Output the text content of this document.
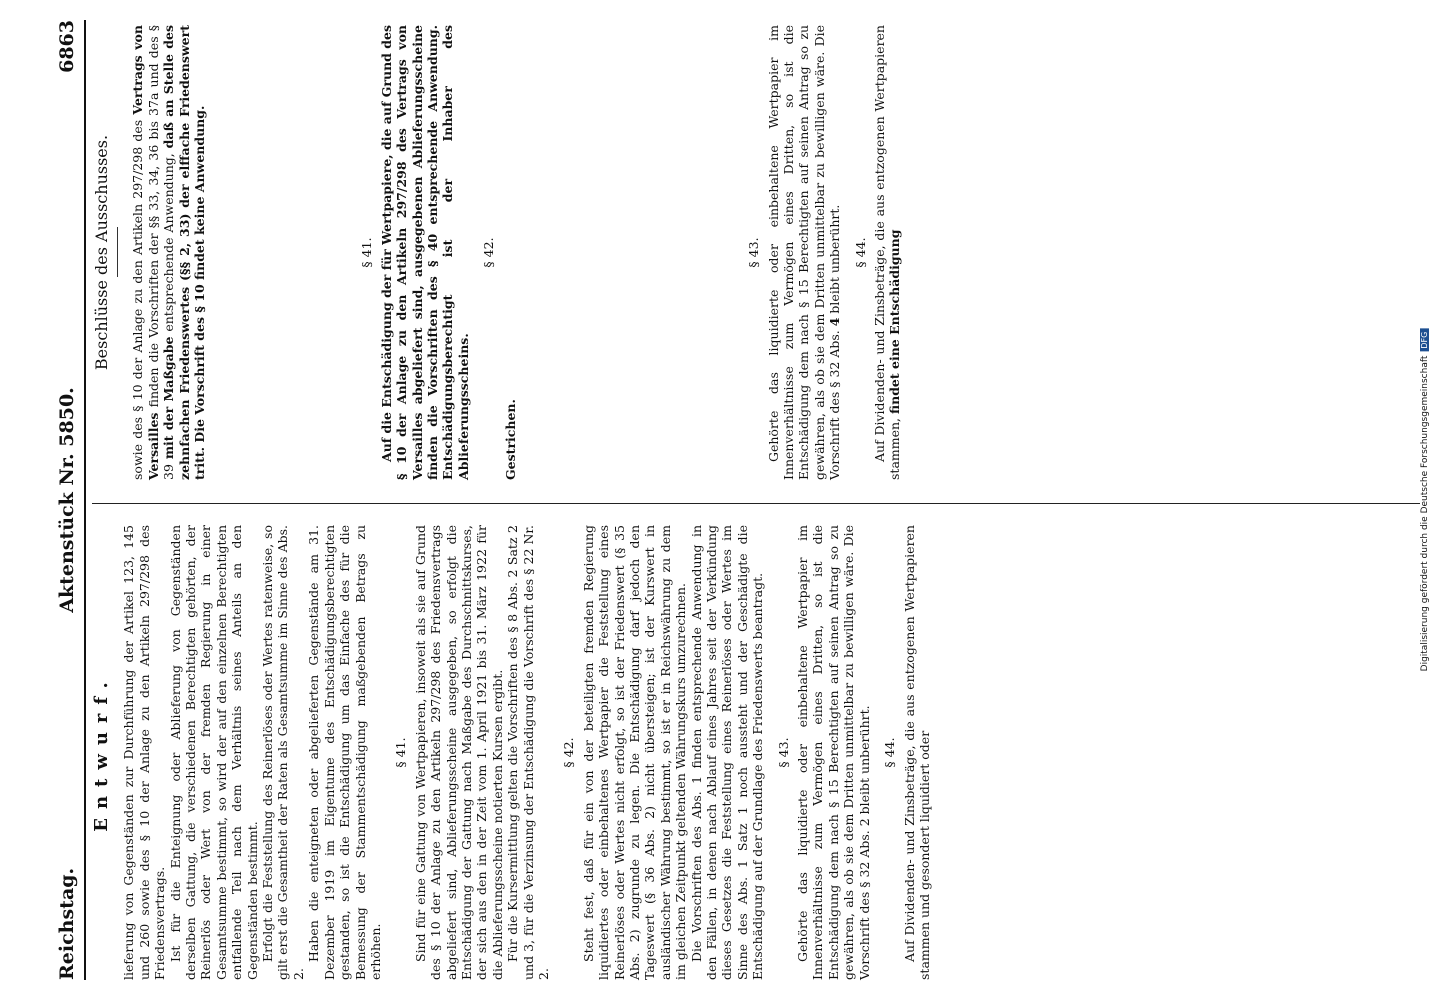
Reichstag.
Aktenstück Nr. 5850.
6863
Entwurf. lieferung von Gegenständen zur Durchführung der Artikel 123, 145 und 260 sowie des § 10 der Anlage zu den Artikeln 297/298 des Friedensvertrags. Ist für die Enteignung oder Ablieferung von Gegenständen derselben Gattung, die verschiedenen Berechtigten gehörten, der Reinerlös oder Wert von der fremden Regierung in einer Gesamtsumme bestimmt, so wird der auf den einzelnen Berechtigten entfallende Teil nach dem Verhältnis seines Anteils an den Gegenständen bestimmt. Erfolgt die Feststellung des Reinerlöses oder Wertes ratenweise, so gilt erst die Gesamtheit der Raten als Gesamtsumme im Sinne des Abs. 2.

Haben die enteigneten oder abgelieferten Gegenstände am 31. Dezember 1919 im Eigentume des Entschädigungsberechtigten gestanden, so ist die Entschädigung um das Einfache des für die Bemessung der Stammentschädigung maßgebenden Betrags zu erhöhen.

§ 41. Sind für eine Gattung von Wertpapieren, insoweit als sie auf Grund des § 10 der Anlage zu den Artikeln 297/298 des Friedensvertrags abgeliefert sind, Ablieferungsscheine ausgegeben, so erfolgt die Entschädigung der Gattung nach Maßgabe des Durchschnittskurses, der sich aus den in der Zeit vom 1. April 1921 bis 31. März 1922 für die Ablieferungsscheine notierten Kursen ergibt. Für die Kursermittlung gelten die Vorschriften des § 8 Abs. 2 Satz 2 und 3, für die Verzinsung der Entschädigung die Vorschrift des § 22 Nr. 2.

§ 42. Steht fest, daß für ein von der beteiligten fremden Regierung liquidiertes oder einbehaltenes Wertpapier die Feststellung eines Reinerlöses oder Wertes nicht erfolgt, so ist der Friedenswert (§ 35 Abs. 2) zugrunde zu legen. Die Entschädigung darf jedoch den Tageswert (§ 36 Abs. 2) nicht übersteigen; ist der Kurswert in ausländischer Währung bestimmt, so ist er in Reichswährung zu dem im gleichen Zeitpunkt geltenden Währungskurs umzurechnen. Die Vorschriften des Abs. 1 finden entsprechende Anwendung in den Fällen, in denen nach Ablauf eines Jahres seit der Verkündung dieses Gesetzes die Feststellung eines Reinerlöses oder Wertes im Sinne des Abs. 1 Satz 1 noch aussteht und der Geschädigte die Entschädigung auf der Grundlage des Friedenswerts beantragt. § 43. Gehörte das liquidierte oder einbehaltene Wertpapier im Innenverhältnisse zum Vermögen eines Dritten, so ist die Entschädigung dem nach § 15 Berechtigten auf seinen Antrag so zu gewähren, als ob sie dem Dritten unmittelbar zu bewilligen wäre. Die Vorschrift des § 32 Abs. 2 bleibt unberührt. § 44. Auf Dividenden- und Zinsbeträge, die aus entzogenen Wertpapieren stammen und gesondert liquidiert oder

Beschlüsse des Ausschusses. sowie des § 10 der Anlage zu den Artikeln 297/298 des Vertrags von Versailles finden die Vorschriften der §§ 33, 34, 36 bis 37a und des § 39 mit der Maßgabe entsprechende Anwendung, daß an Stelle des zehnfachen Friedenswertes (§§ 2, 33) der elffache Friedenswert tritt. Die Vorschrift des § 10 findet keine Anwendung.	§ 41. Auf die Entschädigung der für Wertpapiere, die auf Grund des § 10 der Anlage zu den Artikeln 297/298 des Vertrags von Versailles abgeliefert sind, ausgegebenen Ablieferungsscheine finden die Vorschriften des § 40 entsprechende Anwendung. Entschädigungsberechtigt ist der Inhaber des Ablieferungsscheins.

§ 42.

Gestrichen.

§ 43. Gehörte das liquidierte oder einbehaltene Wertpapier im Innenverhältnisse zum Vermögen eines Dritten, so ist die Entschädigung dem nach § 15 Berechtigten auf seinen Antrag so zu gewähren, als ob sie dem Dritten unmittelbar zu bewilligen wäre. Die Vorschrift des § 32 Abs. 4 bleibt unberührt. § 44. Auf Dividenden- und Zinsbeträge, die aus entzogenen Wertpapieren stammen, findet eine Entschädigung

Digitalisierung gefördert durch die Deutsche ForschungsgemeinschaftDFG
